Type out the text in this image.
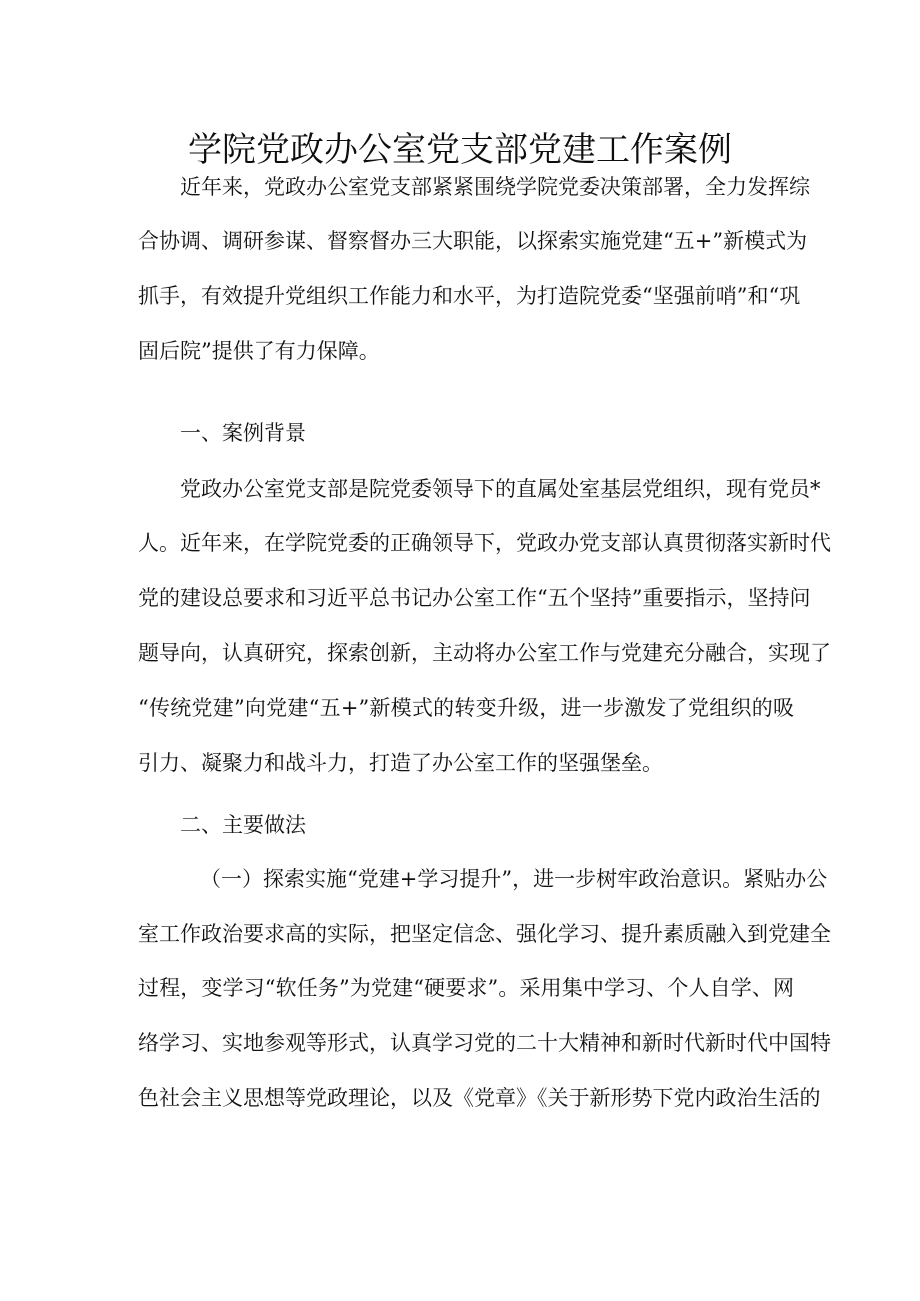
学院党政办公室党支部党建工作案例

近年来，党政办公室党支部紧紧围绕学院党委决策部署，全力发挥综

合协调、调研参谋、督察督办三大职能，以探索实施党建“五+”新模式为

抓手，有效提升党组织工作能力和水平，为打造院党委“坚强前哨”和“巩

固后院”提供了有力保障。

一、案例背景

党政办公室党支部是院党委领导下的直属处室基层党组织，现有党员*

人。近年来，在学院党委的正确领导下，党政办党支部认真贯彻落实新时代

党的建设总要求和习近平总书记办公室工作“五个坚持”重要指示，坚持问

题导向，认真研究，探索创新，主动将办公室工作与党建充分融合，实现了

“传统党建”向党建“五+”新模式的转变升级，进一步激发了党组织的吸

引力、凝聚力和战斗力，打造了办公室工作的坚强堡垒。

二、主要做法

（一）探索实施“党建+学习提升”，进一步树牢政治意识。紧贴办公

室工作政治要求高的实际，把坚定信念、强化学习、提升素质融入到党建全

过程，变学习“软任务”为党建“硬要求”。采用集中学习、个人自学、网

络学习、实地参观等形式，认真学习党的二十大精神和新时代新时代中国特

色社会主义思想等党政理论，以及《党章》《关于新形势下党内政治生活的
